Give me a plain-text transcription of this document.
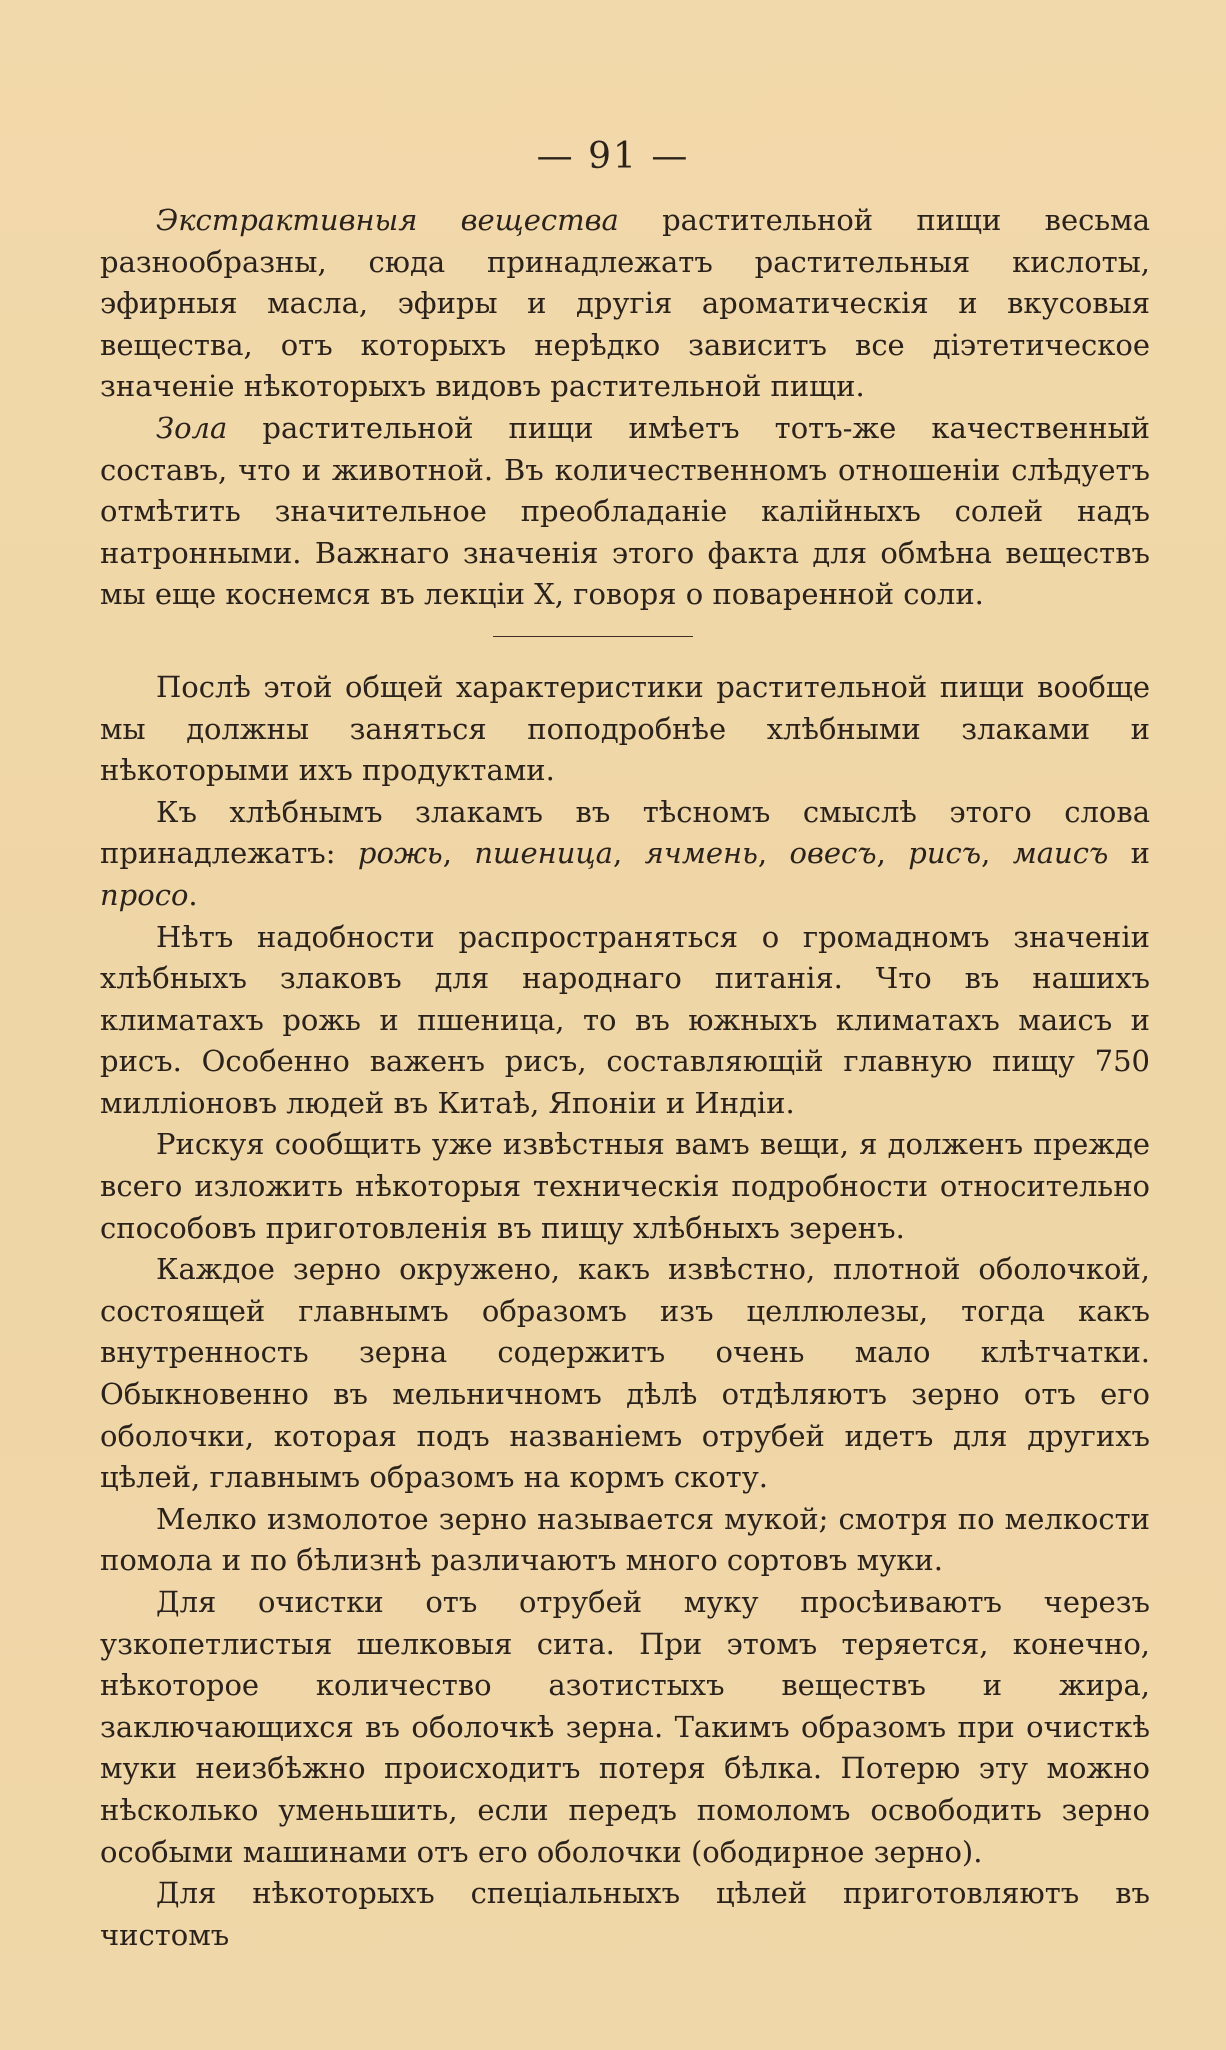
— 91 —

Экстрактивныя вещества растительной пищи весьма разнообразны, сюда принадлежатъ растительныя кислоты, эфирныя масла, эфиры и другія ароматическія и вкусовыя вещества, отъ которыхъ нерѣдко зависитъ все діэтетическое значеніе нѣкоторыхъ видовъ растительной пищи.

Зола растительной пищи имѣетъ тотъ-же качественный составъ, что и животной. Въ количественномъ отношеніи слѣдуетъ отмѣтить значительное преобладаніе калійныхъ солей надъ натронными. Важнаго значенія этого факта для обмѣна веществъ мы еще коснемся въ лекціи X, говоря о поваренной соли.

Послѣ этой общей характеристики растительной пищи вообще мы должны заняться поподробнѣе хлѣбными злаками и нѣкоторыми ихъ продуктами.

Къ хлѣбнымъ злакамъ въ тѣсномъ смыслѣ этого слова принадлежатъ: рожь, пшеница, ячмень, овесъ, рисъ, маисъ и просо.

Нѣтъ надобности распространяться о громадномъ значеніи хлѣбныхъ злаковъ для народнаго питанія. Что въ нашихъ климатахъ рожь и пшеница, то въ южныхъ климатахъ маисъ и рисъ. Особенно важенъ рисъ, составляющій главную пищу 750 милліоновъ людей въ Китаѣ, Японіи и Индіи.

Рискуя сообщить уже извѣстныя вамъ вещи, я долженъ прежде всего изложить нѣкоторыя техническія подробности относительно способовъ приготовленія въ пищу хлѣбныхъ зеренъ.

Каждое зерно окружено, какъ извѣстно, плотной оболочкой, состоящей главнымъ образомъ изъ целлюлезы, тогда какъ внутренность зерна содержитъ очень мало клѣтчатки. Обыкновенно въ мельничномъ дѣлѣ отдѣляютъ зерно отъ его оболочки, которая подъ названіемъ отрубей идетъ для другихъ цѣлей, главнымъ образомъ на кормъ скоту.

Мелко измолотое зерно называется мукой; смотря по мелкости помола и по бѣлизнѣ различаютъ много сортовъ муки.

Для очистки отъ отрубей муку просѣиваютъ черезъ узкопетлистыя шелковыя сита. При этомъ теряется, конечно, нѣкоторое количество азотистыхъ веществъ и жира, заключающихся въ оболочкѣ зерна. Такимъ образомъ при очисткѣ муки неизбѣжно происходитъ потеря бѣлка. Потерю эту можно нѣсколько уменьшить, если передъ помоломъ освободить зерно особыми машинами отъ его оболочки (ободирное зерно).

Для нѣкоторыхъ спеціальныхъ цѣлей приготовляютъ въ чистомъ
